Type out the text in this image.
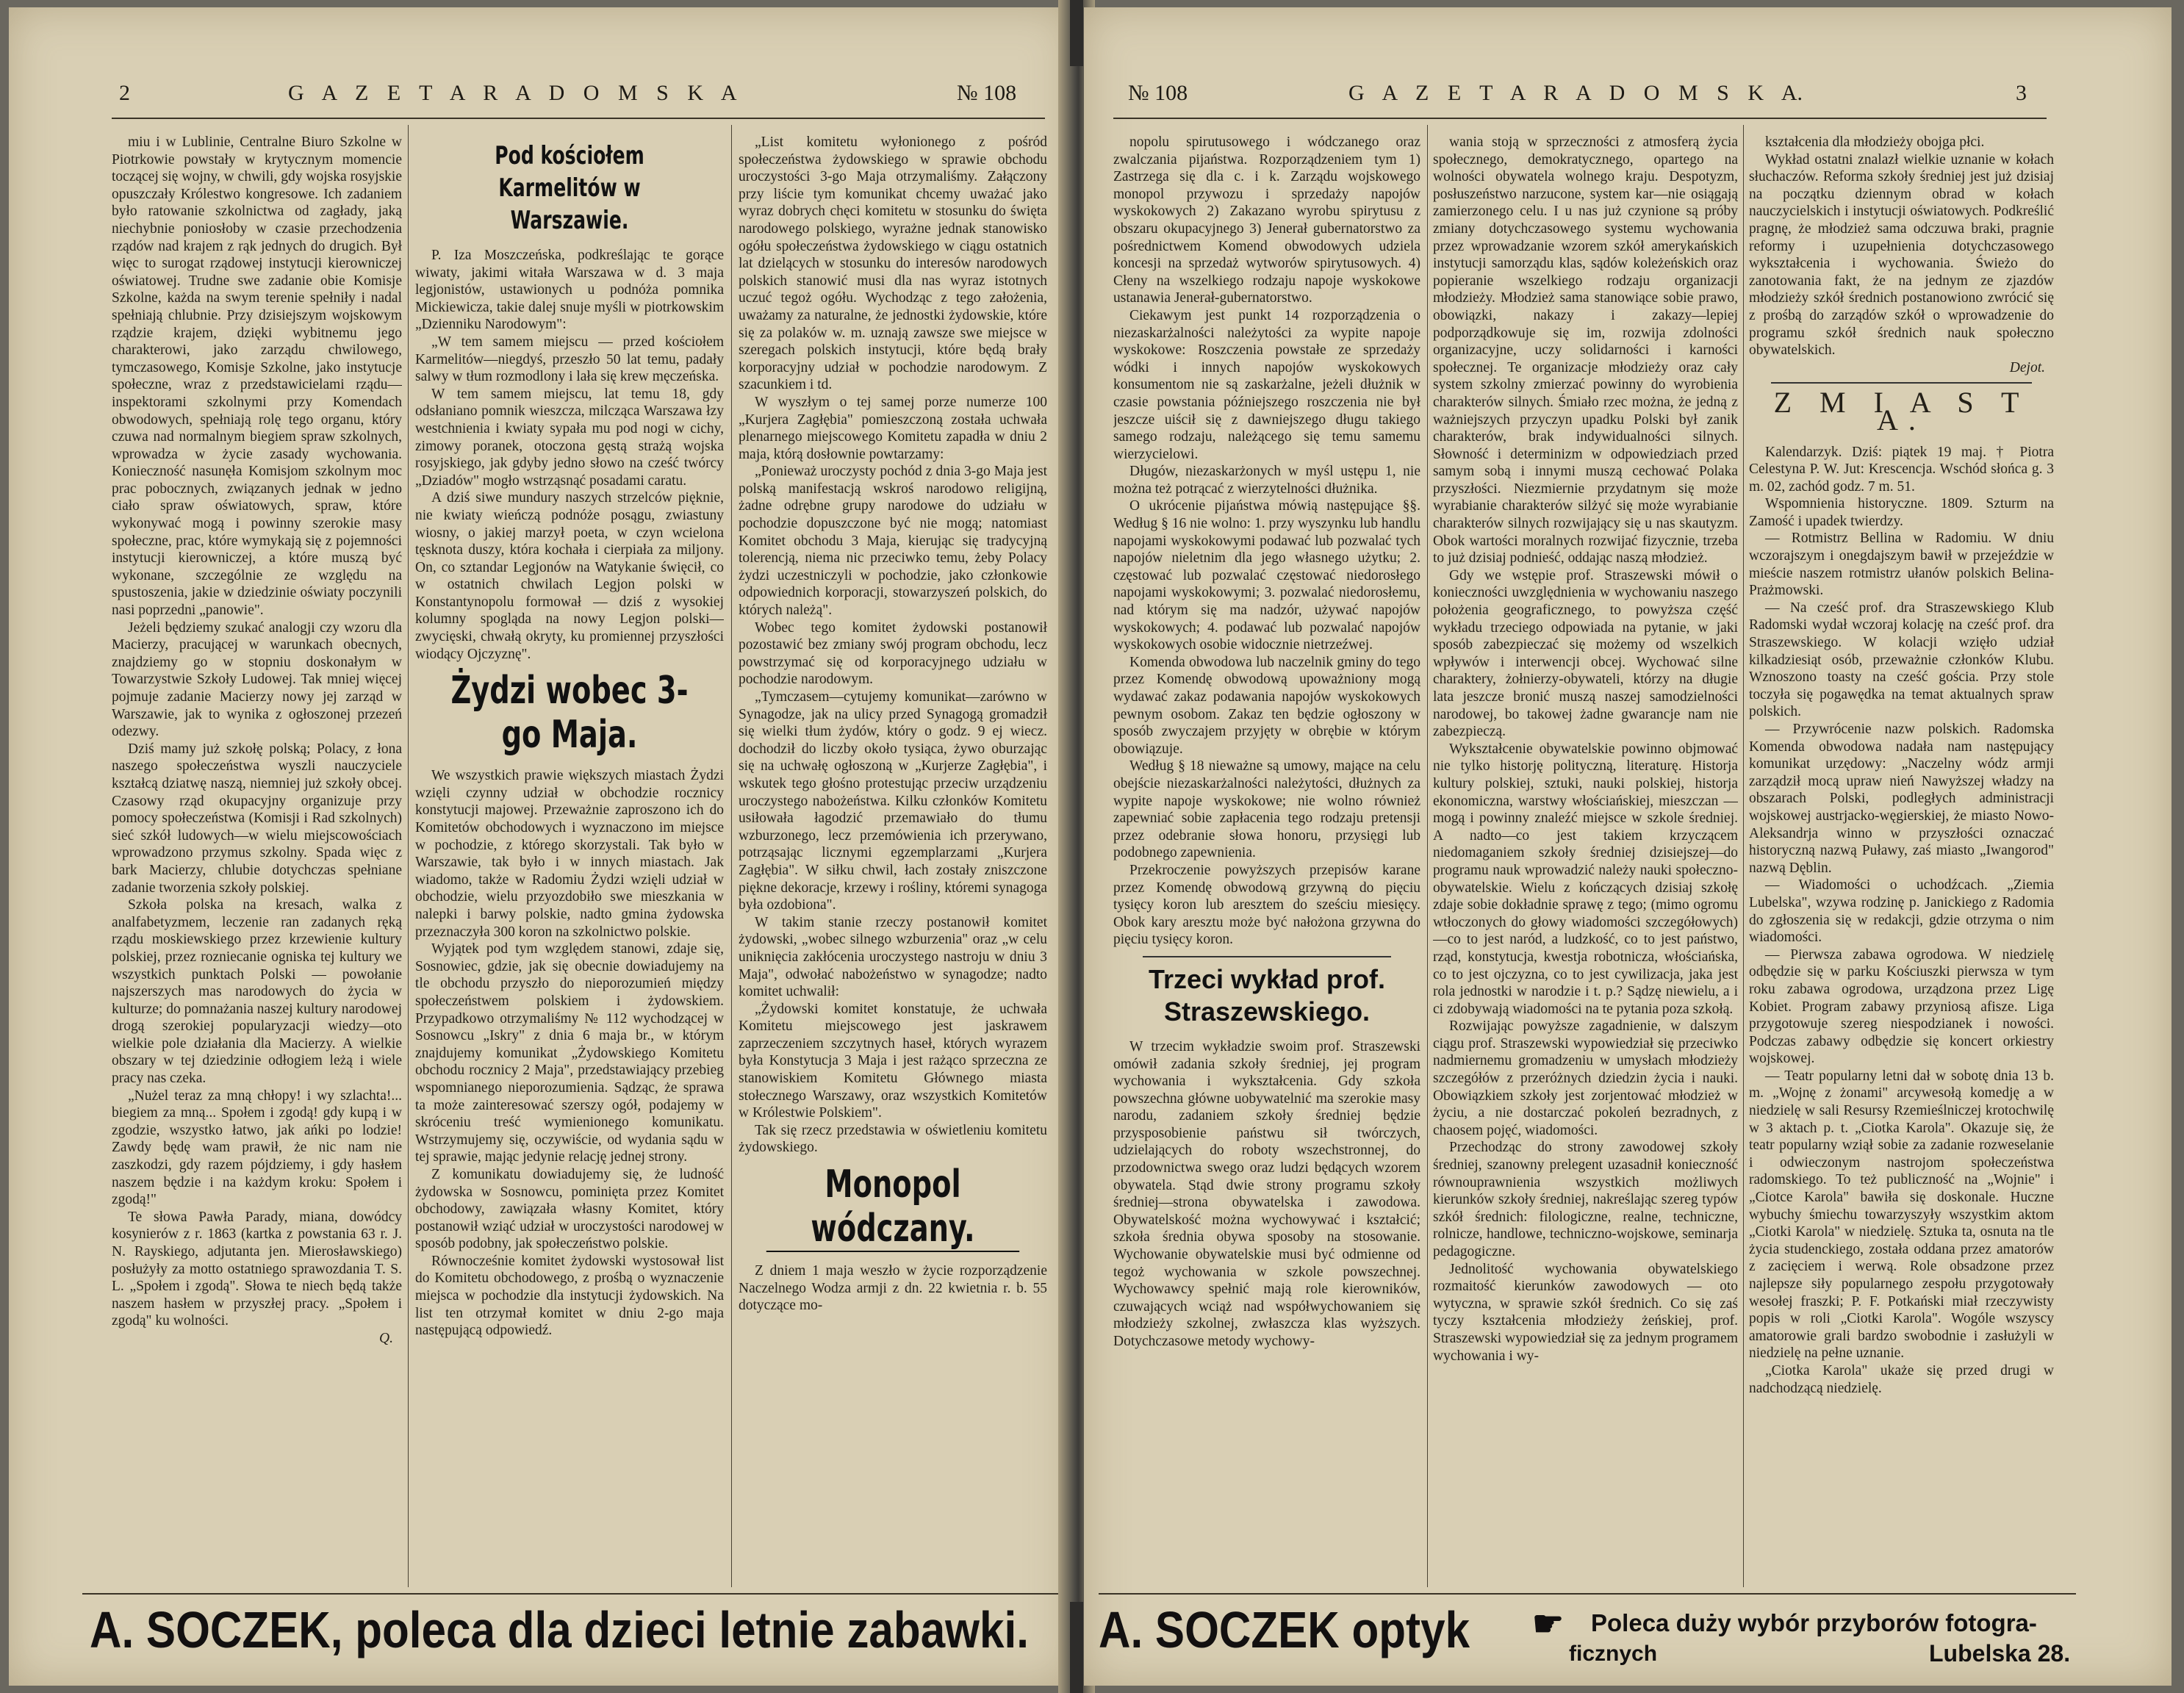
2	G A Z E T A R A D O M S K A	№ 108

miu i w Lublinie, Centralne Biuro Szkolne w Piotrkowie powstały w krytycznym momencie toczącej się wojny, w chwili, gdy wojska rosyjskie opuszczały Królestwo kongresowe. Ich zadaniem było ratowanie szkolnictwa od zagłady, jaką niechybnie poniosłoby w czasie przechodzenia rządów nad krajem z rąk jednych do drugich. Był więc to surogat rządowej instytucji kierowniczej oświatowej. Trudne swe zadanie obie Komisje Szkolne, każda na swym terenie spełniły i nadal spełniają chlubnie. Przy dzisiejszym wojskowym rządzie krajem, dzięki wybitnemu jego charakterowi, jako zarządu chwilowego, tymczasowego, Komisje Szkolne, jako instytucje społeczne, wraz z przedstawicielami rządu—inspektorami szkolnymi przy Komendach obwodowych, spełniają rolę tego organu, który czuwa nad normalnym biegiem spraw szkolnych, wprowadza w życie zasady wychowania. Konieczność nasunęła Komisjom szkolnym moc prac pobocznych, związanych jednak w jedno ciało spraw oświatowych, spraw, które wykonywać mogą i powinny szerokie masy społeczne, prac, które wymykają się z pojemności instytucji kierowniczej, a które muszą być wykonane, szczególnie ze względu na spustoszenia, jakie w dziedzinie oświaty poczynili nasi poprzedni „panowie".

Jeżeli będziemy szukać analogji czy wzoru dla Macierzy, pracującej w warunkach obecnych, znajdziemy go w stopniu doskonałym w Towarzystwie Szkoły Ludowej. Tak mniej więcej pojmuje zadanie Macierzy nowy jej zarząd w Warszawie, jak to wynika z ogłoszonej przezeń odezwy.

Dziś mamy już szkołę polską; Polacy, z łona naszego społeczeństwa wyszli nauczyciele kształcą dziatwę naszą, niemniej już szkoły obcej. Czasowy rząd okupacyjny organizuje przy pomocy społeczeństwa (Komisji i Rad szkolnych) sieć szkół ludowych—w wielu miejscowościach wprowadzono przymus szkolny. Spada więc z bark Macierzy, chlubie dotychczas spełniane zadanie tworzenia szkoły polskiej.

Szkoła polska na kresach, walka z analfabetyzmem, leczenie ran zadanych ręką rządu moskiewskiego przez krzewienie kultury polskiej, przez rozniecanie ogniska tej kultury we wszystkich punktach Polski — powołanie najszerszych mas narodowych do życia w kulturze; do pomnażania naszej kultury narodowej drogą szerokiej popularyzacji wiedzy—oto wielkie pole działania dla Macierzy. A wielkie obszary w tej dziedzinie odłogiem leżą i wiele pracy nas czeka.

„Nużel teraz za mną chłopy! i wy szlachta!... biegiem za mną... Społem i zgodą! gdy kupą i w zgodzie, wszystko łatwo, jak ańki po lodzie! Zawdy będę wam prawił, że nic nam nie zaszkodzi, gdy razem pójdziemy, i gdy hasłem naszem będzie i na każdym kroku: Społem i zgodą!"

Te słowa Pawła Parady, miana, dowódcy kosynierów z r. 1863 (kartka z powstania 63 r. J. N. Rayskiego, adjutanta jen. Mierosławskiego) posłużyły za motto ostatniego sprawozdania T. S. L. „Społem i zgodą". Słowa te niech będą także naszem hasłem w przyszłej pracy. „Społem i zgodą" ku wolności.

Q.

Pod kościołem Karmelitów w Warszawie.

P. Iza Moszczeńska, podkreślając te gorące wiwaty, jakimi witała Warszawa w d. 3 maja legjonistów, ustawionych u podnóża pomnika Mickiewicza, takie dalej snuje myśli w piotrkowskim „Dzienniku Narodowym":

„W tem samem miejscu — przed kościołem Karmelitów—niegdyś, przeszło 50 lat temu, padały salwy w tłum rozmodlony i lała się krew męczeńska.

W tem samem miejscu, lat temu 18, gdy odsłaniano pomnik wieszcza, milcząca Warszawa łzy westchnienia i kwiaty sypała mu pod nogi w cichy, zimowy poranek, otoczona gęstą strażą wojska rosyjskiego, jak gdyby jedno słowo na cześć twórcy „Dziadów" mogło wstrząsnąć posadami caratu.

A dziś siwe mundury naszych strzelców pięknie, nie kwiaty wieńczą podnóże posągu, zwiastuny wiosny, o jakiej marzył poeta, w czyn wcielona tęsknota duszy, która kochała i cierpiała za miljony. On, co sztandar Legjonów na Watykanie święcił, co w ostatnich chwilach Legjon polski w Konstantynopolu formował — dziś z wysokiej kolumny spogląda na nowy Legjon polski—zwycięski, chwałą okryty, ku promiennej przyszłości wiodący Ojczyznę".

Żydzi wobec 3-go Maja.

We wszystkich prawie większych miastach Żydzi wzięli czynny udział w obchodzie rocznicy konstytucji majowej. Przeważnie zaproszono ich do Komitetów obchodowych i wyznaczono im miejsce w pochodzie, z którego skorzystali. Tak było w Warszawie, tak było i w innych miastach. Jak wiadomo, także w Radomiu Żydzi wzięli udział w obchodzie, wielu przyozdobiło swe mieszkania w nalepki i barwy polskie, nadto gmina żydowska przeznaczyła 300 koron na szkolnictwo polskie.

Wyjątek pod tym względem stanowi, zdaje się, Sosnowiec, gdzie, jak się obecnie dowiadujemy na tle obchodu przyszło do nieporozumień między społeczeństwem polskiem i żydowskiem. Przypadkowo otrzymaliśmy № 112 wychodzącej w Sosnowcu „Iskry" z dnia 6 maja br., w którym znajdujemy komunikat „Żydowskiego Komitetu obchodu rocznicy 2 Maja", przedstawiający przebieg wspomnianego nieporozumienia. Sądząc, że sprawa ta może zainteresować szerszy ogół, podajemy w skróceniu treść wymienionego komunikatu. Wstrzymujemy się, oczywiście, od wydania sądu w tej sprawie, mając jedynie relację jednej strony.

Z komunikatu dowiadujemy się, że ludność żydowska w Sosnowcu, pominięta przez Komitet obchodowy, zawiązała własny Komitet, który postanowił wziąć udział w uroczystości narodowej w sposób podobny, jak społeczeństwo polskie.

Równocześnie komitet żydowski wystosował list do Komitetu obchodowego, z prośbą o wyznaczenie miejsca w pochodzie dla instytucji żydowskich. Na list ten otrzymał komitet w dniu 2-go maja następującą odpowiedź.

„List komitetu wyłonionego z pośród społeczeństwa żydowskiego w sprawie obchodu uroczystości 3-go Maja otrzymaliśmy. Załączony przy liście tym komunikat chcemy uważać jako wyraz dobrych chęci komitetu w stosunku do święta narodowego polskiego, wyrażne jednak stanowisko ogółu społeczeństwa żydowskiego w ciągu ostatnich lat dzielących w stosunku do interesów narodowych polskich stanowić musi dla nas wyraz istotnych uczuć tegoż ogółu. Wychodząc z tego założenia, uważamy za naturalne, że jednostki żydowskie, które się za polaków w. m. uznają zawsze swe miejsce w szeregach polskich instytucji, które będą brały korporacyjny udział w pochodzie narodowym. Z szacunkiem i td.

W wyszłym o tej samej porze numerze 100 „Kurjera Zagłębia" pomieszczoną została uchwała plenarnego miejscowego Komitetu zapadła w dniu 2 maja, którą dosłownie powtarzamy:

„Ponieważ uroczysty pochód z dnia 3-go Maja jest polską manifestacją wskroś narodowo religijną, żadne odrębne grupy narodowe do udziału w pochodzie dopuszczone być nie mogą; natomiast Komitet obchodu 3 Maja, kierując się tradycyjną tolerencją, niema nic przeciwko temu, żeby Polacy żydzi uczestniczyli w pochodzie, jako członkowie odpowiednich korporacji, stowarzyszeń polskich, do których należą".

Wobec tego komitet żydowski postanowił pozostawić bez zmiany swój program obchodu, lecz powstrzymać się od korporacyjnego udziału w pochodzie narodowym.

„Tymczasem—cytujemy komunikat—zarówno w Synagodze, jak na ulicy przed Synagogą gromadził się wielki tłum żydów, który o godz. 9 ej wiecz. dochodził do liczby około tysiąca, żywo oburzając się na uchwałę ogłoszoną w „Kurjerze Zagłębia", i wskutek tego głośno protestując przeciw urządzeniu uroczystego nabożeństwa. Kilku członków Komitetu usiłowała łagodzić przemawiało do tłumu wzburzonego, lecz przemówienia ich przerywano, potrząsając licznymi egzemplarzami „Kurjera Zagłębia". W siłku chwil, łach zostały zniszczone piękne dekoracje, krzewy i rośliny, któremi synagoga była ozdobiona".

W takim stanie rzeczy postanowił komitet żydowski, „wobec silnego wzburzenia" oraz „w celu uniknięcia zakłócenia uroczystego nastroju w dniu 3 Maja", odwołać nabożeństwo w synagodze; nadto komitet uchwalił:

„Żydowski komitet konstatuje, że uchwała Komitetu miejscowego jest jaskrawem zaprzeczeniem szczytnych haseł, których wyrazem była Konstytucja 3 Maja i jest rażąco sprzeczna ze stanowiskiem Komitetu Głównego miasta stołecznego Warszawy, oraz wszystkich Komitetów w Królestwie Polskiem".

Tak się rzecz przedstawia w oświetleniu komitetu żydowskiego.

Monopol wódczany.

Z dniem 1 maja weszło w życie rozporządzenie Naczelnego Wodza armji z dn. 22 kwietnia r. b. 55 dotyczące mo-

A. SOCZEK, poleca dla dzieci letnie zabawki.
№ 108	G A Z E T A R A D O M S K A.	3

nopolu spirutusowego i wódczanego oraz zwalczania pijaństwa. Rozporządzeniem tym 1) Zastrzega się dla c. i k. Zarządu wojskowego monopol przywozu i sprzedaży napojów wyskokowych 2) Zakazano wyrobu spirytusu z obszaru okupacyjnego 3) Jenerał gubernatorstwo za pośrednictwem Komend obwodowych udziela koncesji na sprzedaż wytworów spirytusowych. 4) Cłeny na wszelkiego rodzaju napoje wyskokowe ustanawia Jenerał-gubernatorstwo.

Ciekawym jest punkt 14 rozporządzenia o niezaskarżalności należytości za wypite napoje wyskokowe: Roszczenia powstałe ze sprzedaży wódki i innych napojów wyskokowych konsumentom nie są zaskarżalne, jeżeli dłużnik w czasie powstania późniejszego roszczenia nie był jeszcze uiścił się z dawniejszego długu takiego samego rodzaju, należącego się temu samemu wierzycielowi.

Długów, niezaskarżonych w myśl ustępu 1, nie można też potrącać z wierzytelności dłużnika.

O ukrócenie pijaństwa mówią następujące §§. Według § 16 nie wolno: 1. przy wyszynku lub handlu napojami wyskokowymi podawać lub pozwalać tych napojów nieletnim dla jego własnego użytku; 2. częstować lub pozwalać częstować niedorosłego napojami wyskokowymi; 3. pozwalać niedorosłemu, nad którym się ma nadzór, używać napojów wyskokowych; 4. podawać lub pozwalać napojów wyskokowych osobie widocznie nietrzeźwej.

Komenda obwodowa lub naczelnik gminy do tego przez Komendę obwodową upoważniony mogą wydawać zakaz podawania napojów wyskokowych pewnym osobom. Zakaz ten będzie ogłoszony w sposób zwyczajem przyjęty w obrębie w którym obowiązuje.

Według § 18 nieważne są umowy, mające na celu obejście niezaskarżalności należytości, dłużnych za wypite napoje wyskokowe; nie wolno również zapewniać sobie zapłacenia tego rodzaju pretensji przez odebranie słowa honoru, przysięgi lub podobnego zapewnienia.

Przekroczenie powyższych przepisów karane przez Komendę obwodową grzywną do pięciu tysięcy koron lub aresztem do sześciu miesięcy. Obok kary aresztu może być nałożona grzywna do pięciu tysięcy koron.

Trzeci wykład prof. Straszewskiego.

W trzecim wykładzie swoim prof. Straszewski omówił zadania szkoły średniej, jej program wychowania i wykształcenia. Gdy szkoła powszechna główne uobywatelnić ma szerokie masy narodu, zadaniem szkoły średniej będzie przysposobienie państwu sił twórczych, udzielających do roboty wszechstronnej, do przodownictwa swego oraz ludzi będących wzorem obywatela. Stąd dwie strony programu szkoły średniej—strona obywatelska i zawodowa. Obywatelskość można wychowywać i kształcić; szkoła średnia obywa sposoby na stosowanie. Wychowanie obywatelskie musi być odmienne od tegoż wychowania w szkole powszechnej. Wychowawcy spełnić mają role kierowników, czuwających wciąż nad współwychowaniem się młodzieży szkolnej, zwłaszcza klas wyższych. Dotychczasowe metody wychowy-

wania stoją w sprzeczności z atmosferą życia społecznego, demokratycznego, opartego na wolności obywatela wolnego kraju. Despotyzm, posłuszeństwo narzucone, system kar—nie osiągają zamierzonego celu. I u nas już czynione są próby zmiany dotychczasowego systemu wychowania przez wprowadzanie wzorem szkół amerykańskich instytucji samorządu klas, sądów koleżeńskich oraz popieranie wszelkiego rodzaju organizacji młodzieży. Młodzież sama stanowiące sobie prawo, obowiązki, nakazy i zakazy—lepiej podporządkowuje się im, rozwija zdolności organizacyjne, uczy solidarności i karności społecznej. Te organizacje młodzieży oraz cały system szkolny zmierzać powinny do wyrobienia charakterów silnych. Śmiało rzec można, że jedną z ważniejszych przyczyn upadku Polski był zanik charakterów, brak indywidualności silnych. Słowność i determinizm w odpowiedziach przed samym sobą i innymi muszą cechować Polaka przyszłości. Niezmiernie przydatnym się może wyrabianie charakterów silżyć się może wyrabianie charakterów silnych rozwijający się u nas skautyzm. Obok wartości moralnych rozwijać fizycznie, trzeba to już dzisiaj podnieść, oddając naszą młodzież.

Gdy we wstępie prof. Straszewski mówił o konieczności uwzględnienia w wychowaniu naszego położenia geograficznego, to powyższa część wykładu trzeciego odpowiada na pytanie, w jaki sposób zabezpieczać się możemy od wszelkich wpływów i interwencji obcej. Wychować silne charaktery, żołnierzy-obywateli, którzy na długie lata jeszcze bronić muszą naszej samodzielności narodowej, bo takowej żadne gwarancje nam nie zabezpieczą.

Wykształcenie obywatelskie powinno objmować nie tylko historję polityczną, literaturę. Historja kultury polskiej, sztuki, nauki polskiej, historja ekonomiczna, warstwy włościańskiej, mieszczan — mogą i powinny znaleźć miejsce w szkole średniej. A nadto—co jest takiem krzyczącem niedomaganiem szkoły średniej dzisiejszej—do programu nauk wprowadzić należy nauki społeczno-obywatelskie. Wielu z kończących dzisiaj szkołę zdaje sobie dokładnie sprawę z tego; (mimo ogromu wtłoczonych do głowy wiadomości szczegółowych)—co to jest naród, a ludzkość, co to jest państwo, rząd, konstytucja, kwestja robotnicza, włościańska, co to jest ojczyzna, co to jest cywilizacja, jaka jest rola jednostki w narodzie i t. p.? Sądzę niewielu, a i ci zdobywają wiadomości na te pytania poza szkołą.

Rozwijając powyższe zagadnienie, w dalszym ciągu prof. Straszewski wypowiedział się przeciwko nadmiernemu gromadzeniu w umysłach młodzieży szczegółów z przeróżnych dziedzin życia i nauki. Obowiązkiem szkoły jest zorjentować młodzież w życiu, a nie dostarczać pokoleń bezradnych, z chaosem pojęć, wiadomości.

Przechodząc do strony zawodowej szkoły średniej, szanowny prelegent uzasadnił konieczność równouprawnienia wszystkich możliwych kierunków szkoły średniej, nakreślając szereg typów szkół średnich: filologiczne, realne, techniczne, rolnicze, handlowe, techniczno-wojskowe, seminarja pedagogiczne.

Jednolitość wychowania obywatelskiego rozmaitość kierunków zawodowych — oto wytyczna, w sprawie szkół średnich. Co się zaś tyczy kształcenia młodzieży żeńskiej, prof. Straszewski wypowiedział się za jednym programem wychowania i wy-

kształcenia dla młodzieży obojga płci.

Wykład ostatni znalazł wielkie uznanie w kołach słuchaczów. Reforma szkoły średniej jest już dzisiaj na początku dziennym obrad w kołach nauczycielskich i instytucji oświatowych. Podkreślić pragnę, że młodzież sama odczuwa braki, pragnie reformy i uzupełnienia dotychczasowego wykształcenia i wychowania. Świeżo do zanotowania fakt, że na jednym ze zjazdów młodzieży szkół średnich postanowiono zwrócić się z prośbą do zarządów szkół o wprowadzenie do programu szkół średnich nauk społeczno obywatelskich.

Dejot.

Z M I A S T A.

Kalendarzyk. Dziś: piątek 19 maj. † Piotra Celestyna P. W. Jut: Krescencja. Wschód słońca g. 3 m. 02, zachód godz. 7 m. 51.

Wspomnienia historyczne. 1809. Szturm na Zamość i upadek twierdzy.

— Rotmistrz Bellina w Radomiu. W dniu wczorajszym i onegdajszym bawił w przejeździe w mieście naszem rotmistrz ułanów polskich Belina-Prażmowski.

— Na cześć prof. dra Straszewskiego Klub Radomski wydał wczoraj kolację na cześć prof. dra Straszewskiego. W kolacji wzięło udział kilkadziesiąt osób, przeważnie członków Klubu. Wznoszono toasty na cześć gościa. Przy stole toczyła się pogawędka na temat aktualnych spraw polskich.

— Przywrócenie nazw polskich. Radomska Komenda obwodowa nadała nam następujący komunikat urzędowy: „Naczelny wódz armji zarządził mocą upraw nień Nawyższej władzy na obszarach Polski, podległych administracji wojskowej austrjacko-węgierskiej, że miasto Nowo-Aleksandrja winno w przyszłości oznaczać historyczną nazwą Puławy, zaś miasto „Iwangorod" nazwą Dęblin.

— Wiadomości o uchodźcach. „Ziemia Lubelska", wzywa rodzinę p. Janickiego z Radomia do zgłoszenia się w redakcji, gdzie otrzyma o nim wiadomości.

— Pierwsza zabawa ogrodowa. W niedzielę odbędzie się w parku Kościuszki pierwsza w tym roku zabawa ogrodowa, urządzona przez Ligę Kobiet. Program zabawy przyniosą afisze. Liga przygotowuje szereg niespodzianek i nowości. Podczas zabawy odbędzie się koncert orkiestry wojskowej.

— Teatr popularny letni dał w sobotę dnia 13 b. m. „Wojnę z żonami" arcywesołą komedję a w niedzielę w sali Resursy Rzemieślniczej krotochwilę w 3 aktach p. t. „Ciotka Karola". Okazuje się, że teatr popularny wziął sobie za zadanie rozweselanie i odwieczonym nastrojom społeczeństwa radomskiego. To też publiczność na „Wojnie" i „Ciotce Karola" bawiła się doskonale. Huczne wybuchy śmiechu towarzyszyły wszystkim aktom „Ciotki Karola" w niedzielę. Sztuka ta, osnuta na tle życia studenckiego, została oddana przez amatorów z zacięciem i werwą. Role obsadzone przez najlepsze siły popularnego zespołu przygotowały wesołej fraszki; P. F. Potkański miał rzeczywisty popis w roli „Ciotki Karola". Wogóle wszyscy amatorowie grali bardzo swobodnie i zasłużyli w niedzielę na pełne uznanie.

„Ciotka Karola" ukaże się przed drugi w nadchodzącą niedzielę.

A. SOCZEK optyk ☛ Poleca duży wybór przyborów fotogra-
ficznych	Lubelska 28.
